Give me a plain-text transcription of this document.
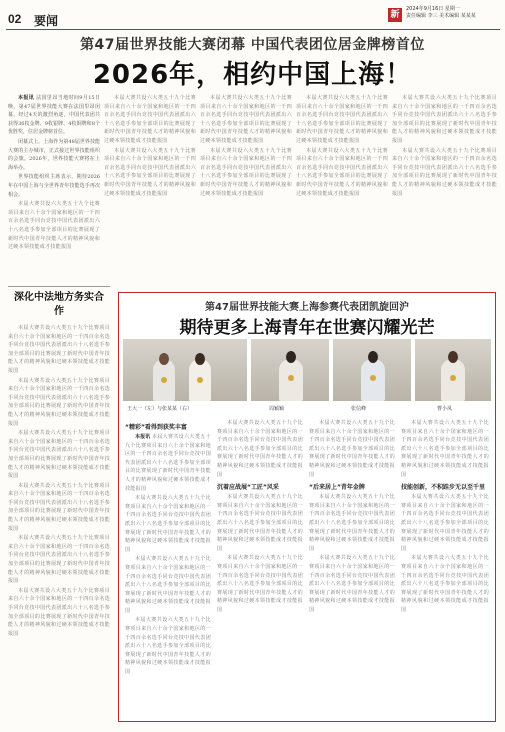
02 要闻	新
2024年9月16日 星期一
责任编辑 李三 美术编辑 某某某
第47届世界技能大赛闭幕 中国代表团位居金牌榜首位
2026年，相约中国上海！

本报讯 法国里昂当地时间9月15日晚，第47届世界技能大赛在法国里昂闭幕。经过4天的激烈角逐，中国代表团共获得36枚金牌、9枚银牌、4枚铜牌和8个优胜奖，位居金牌榜首位。

闭幕式上，上海作为第48届世界技能大赛的主办城市，正式接过世界技能组织的会旗。2026年，世界技能大赛将在上海举办。

世界技能组织主席表示，期待2026年在中国上海与全世界青年技能选手再次相会。

本届大赛共设六大类五十九个比赛项目来自六十余个国家和地区的一千四百余名选手同台竞技中国代表团派出六十八名选手参加全部项目的比赛展现了新时代中国青年技能人才的精神风貌和过硬本领技能成才技能报国

本届大赛共设六大类五十九个比赛项目来自六十余个国家和地区的一千四百余名选手同台竞技中国代表团派出六十八名选手参加全部项目的比赛展现了新时代中国青年技能人才的精神风貌和过硬本领技能成才技能报国

本届大赛共设六大类五十九个比赛项目来自六十余个国家和地区的一千四百余名选手同台竞技中国代表团派出六十八名选手参加全部项目的比赛展现了新时代中国青年技能人才的精神风貌和过硬本领技能成才技能报国

本届大赛共设六大类五十九个比赛项目来自六十余个国家和地区的一千四百余名选手同台竞技中国代表团派出六十八名选手参加全部项目的比赛展现了新时代中国青年技能人才的精神风貌和过硬本领技能成才技能报国

本届大赛共设六大类五十九个比赛项目来自六十余个国家和地区的一千四百余名选手同台竞技中国代表团派出六十八名选手参加全部项目的比赛展现了新时代中国青年技能人才的精神风貌和过硬本领技能成才技能报国

本届大赛共设六大类五十九个比赛项目来自六十余个国家和地区的一千四百余名选手同台竞技中国代表团派出六十八名选手参加全部项目的比赛展现了新时代中国青年技能人才的精神风貌和过硬本领技能成才技能报国

本届大赛共设六大类五十九个比赛项目来自六十余个国家和地区的一千四百余名选手同台竞技中国代表团派出六十八名选手参加全部项目的比赛展现了新时代中国青年技能人才的精神风貌和过硬本领技能成才技能报国

本届大赛共设六大类五十九个比赛项目来自六十余个国家和地区的一千四百余名选手同台竞技中国代表团派出六十八名选手参加全部项目的比赛展现了新时代中国青年技能人才的精神风貌和过硬本领技能成才技能报国

本届大赛共设六大类五十九个比赛项目来自六十余个国家和地区的一千四百余名选手同台竞技中国代表团派出六十八名选手参加全部项目的比赛展现了新时代中国青年技能人才的精神风貌和过硬本领技能成才技能报国

深化中法地方务实合作

本届大赛共设六大类五十九个比赛项目来自六十余个国家和地区的一千四百余名选手同台竞技中国代表团派出六十八名选手参加全部项目的比赛展现了新时代中国青年技能人才的精神风貌和过硬本领技能成才技能报国

本届大赛共设六大类五十九个比赛项目来自六十余个国家和地区的一千四百余名选手同台竞技中国代表团派出六十八名选手参加全部项目的比赛展现了新时代中国青年技能人才的精神风貌和过硬本领技能成才技能报国

本届大赛共设六大类五十九个比赛项目来自六十余个国家和地区的一千四百余名选手同台竞技中国代表团派出六十八名选手参加全部项目的比赛展现了新时代中国青年技能人才的精神风貌和过硬本领技能成才技能报国

本届大赛共设六大类五十九个比赛项目来自六十余个国家和地区的一千四百余名选手同台竞技中国代表团派出六十八名选手参加全部项目的比赛展现了新时代中国青年技能人才的精神风貌和过硬本领技能成才技能报国

本届大赛共设六大类五十九个比赛项目来自六十余个国家和地区的一千四百余名选手同台竞技中国代表团派出六十八名选手参加全部项目的比赛展现了新时代中国青年技能人才的精神风貌和过硬本领技能成才技能报国

本届大赛共设六大类五十九个比赛项目来自六十余个国家和地区的一千四百余名选手同台竞技中国代表团派出六十八名选手参加全部项目的比赛展现了新时代中国青年技能人才的精神风貌和过硬本领技能成才技能报国

第47届世界技能大赛上海参赛代表团凯旋回沪
期待更多上海青年在世赛闪耀光芒
王大一（左）与张某某（右）	周颖颖	张信峰	曹小凤

“精彩”看得到获奖丰富

本报讯 本届大赛共设六大类五十九个比赛项目来自六十余个国家和地区的一千四百余名选手同台竞技中国代表团派出六十八名选手参加全部项目的比赛展现了新时代中国青年技能人才的精神风貌和过硬本领技能成才技能报国

本届大赛共设六大类五十九个比赛项目来自六十余个国家和地区的一千四百余名选手同台竞技中国代表团派出六十八名选手参加全部项目的比赛展现了新时代中国青年技能人才的精神风貌和过硬本领技能成才技能报国

本届大赛共设六大类五十九个比赛项目来自六十余个国家和地区的一千四百余名选手同台竞技中国代表团派出六十八名选手参加全部项目的比赛展现了新时代中国青年技能人才的精神风貌和过硬本领技能成才技能报国

本届大赛共设六大类五十九个比赛项目来自六十余个国家和地区的一千四百余名选手同台竞技中国代表团派出六十八名选手参加全部项目的比赛展现了新时代中国青年技能人才的精神风貌和过硬本领技能成才技能报国

本届大赛共设六大类五十九个比赛项目来自六十余个国家和地区的一千四百余名选手同台竞技中国代表团派出六十八名选手参加全部项目的比赛展现了新时代中国青年技能人才的精神风貌和过硬本领技能成才技能报国

沉着应战展“工匠”风采

本届大赛共设六大类五十九个比赛项目来自六十余个国家和地区的一千四百余名选手同台竞技中国代表团派出六十八名选手参加全部项目的比赛展现了新时代中国青年技能人才的精神风貌和过硬本领技能成才技能报国

本届大赛共设六大类五十九个比赛项目来自六十余个国家和地区的一千四百余名选手同台竞技中国代表团派出六十八名选手参加全部项目的比赛展现了新时代中国青年技能人才的精神风貌和过硬本领技能成才技能报国

本届大赛共设六大类五十九个比赛项目来自六十余个国家和地区的一千四百余名选手同台竞技中国代表团派出六十八名选手参加全部项目的比赛展现了新时代中国青年技能人才的精神风貌和过硬本领技能成才技能报国

“后来居上”青年金牌

本届大赛共设六大类五十九个比赛项目来自六十余个国家和地区的一千四百余名选手同台竞技中国代表团派出六十八名选手参加全部项目的比赛展现了新时代中国青年技能人才的精神风貌和过硬本领技能成才技能报国

本届大赛共设六大类五十九个比赛项目来自六十余个国家和地区的一千四百余名选手同台竞技中国代表团派出六十八名选手参加全部项目的比赛展现了新时代中国青年技能人才的精神风貌和过硬本领技能成才技能报国

本届大赛共设六大类五十九个比赛项目来自六十余个国家和地区的一千四百余名选手同台竞技中国代表团派出六十八名选手参加全部项目的比赛展现了新时代中国青年技能人才的精神风貌和过硬本领技能成才技能报国

技能创新，不积跬步无以至千里

本届大赛共设六大类五十九个比赛项目来自六十余个国家和地区的一千四百余名选手同台竞技中国代表团派出六十八名选手参加全部项目的比赛展现了新时代中国青年技能人才的精神风貌和过硬本领技能成才技能报国

本届大赛共设六大类五十九个比赛项目来自六十余个国家和地区的一千四百余名选手同台竞技中国代表团派出六十八名选手参加全部项目的比赛展现了新时代中国青年技能人才的精神风貌和过硬本领技能成才技能报国
